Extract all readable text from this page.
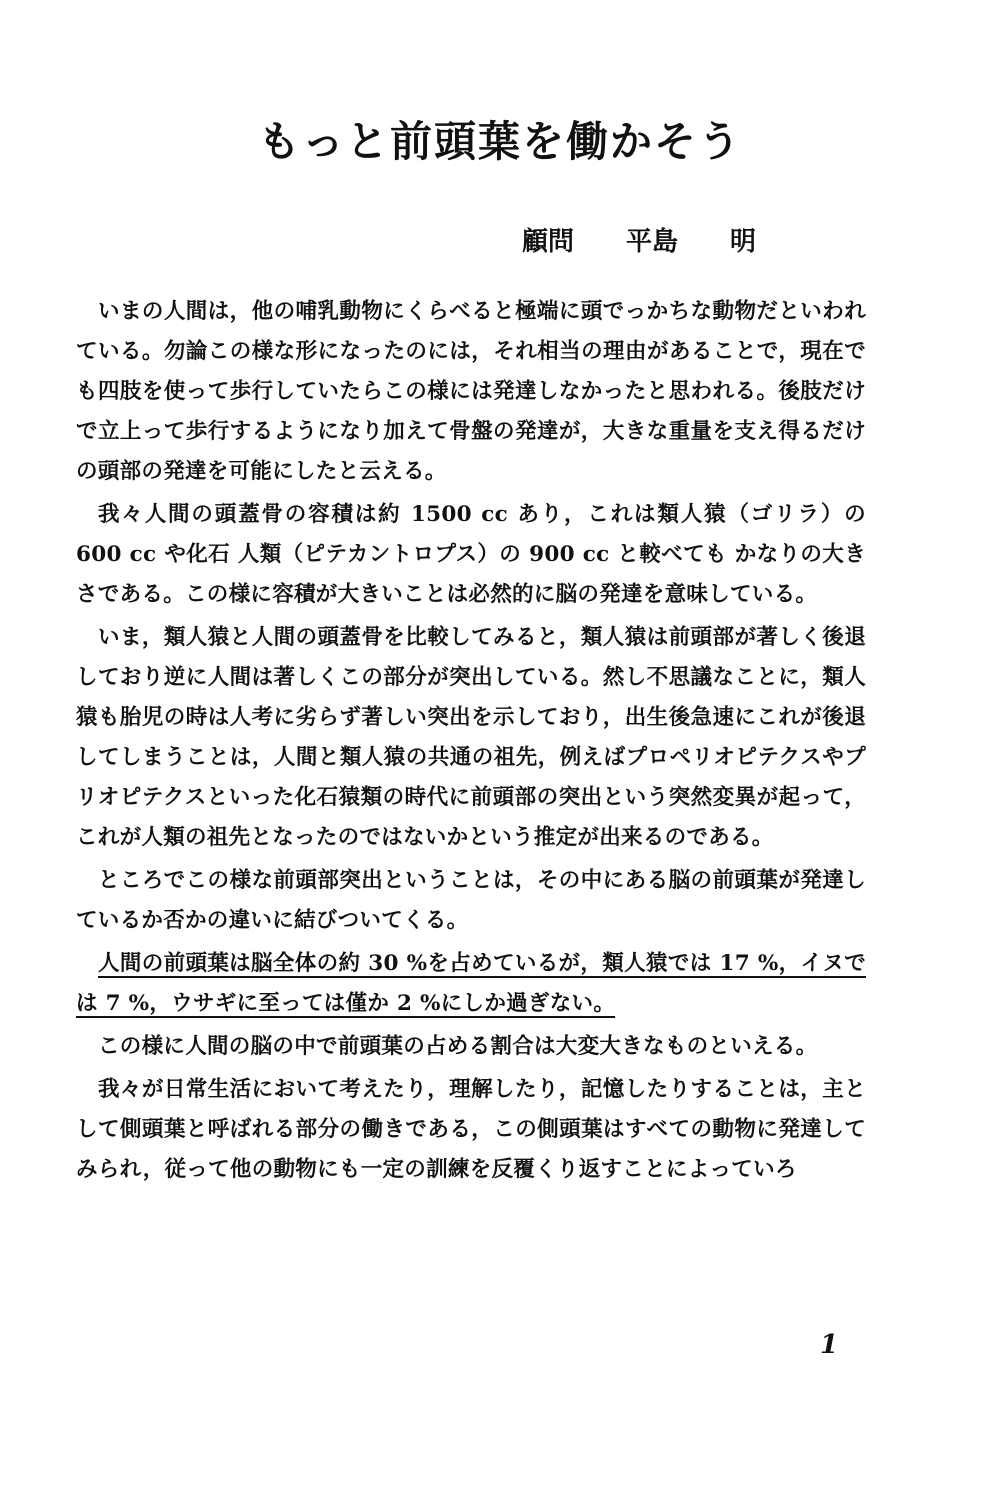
もっと前頭葉を働かそう
顧問　　平島　　明

いまの人間は，他の哺乳動物にくらべると極端に頭でっかちな動物だといわれている。勿論この様な形になったのには，それ相当の理由があることで，現在でも四肢を使って歩行していたらこの様には発達しなかったと思われる。後肢だけで立上って歩行するようになり加えて骨盤の発達が，大きな重量を支え得るだけの頭部の発達を可能にしたと云える。

我々人間の頭蓋骨の容積は約 1500 cc あり，これは類人猿（ゴリラ）の 600 cc や化石 人類（ピテカントロプス）の 900 cc と較べても かなりの大きさである。この様に容積が大きいことは必然的に脳の発達を意味している。

いま，類人猿と人間の頭蓋骨を比較してみると，類人猿は前頭部が著しく後退しており逆に人間は著しくこの部分が突出している。然し不思議なことに，類人猿も胎児の時は人考に劣らず著しい突出を示しており，出生後急速にこれが後退してしまうことは，人間と類人猿の共通の祖先，例えばプロペリオピテクスやプリオピテクスといった化石猿類の時代に前頭部の突出という突然変異が起って，これが人類の祖先となったのではないかという推定が出来るのである。

ところでこの様な前頭部突出ということは，その中にある脳の前頭葉が発達しているか否かの違いに結びついてくる。

人間の前頭葉は脳全体の約 30 %を占めているが，類人猿では 17 %，イヌでは 7 %，ウサギに至っては僅か 2 %にしか過ぎない。

この様に人間の脳の中で前頭葉の占める割合は大変大きなものといえる。

我々が日常生活において考えたり，理解したり，記憶したりすることは，主として側頭葉と呼ばれる部分の働きである，この側頭葉はすべての動物に発達してみられ，従って他の動物にも一定の訓練を反覆くり返すことによっていろ

1
